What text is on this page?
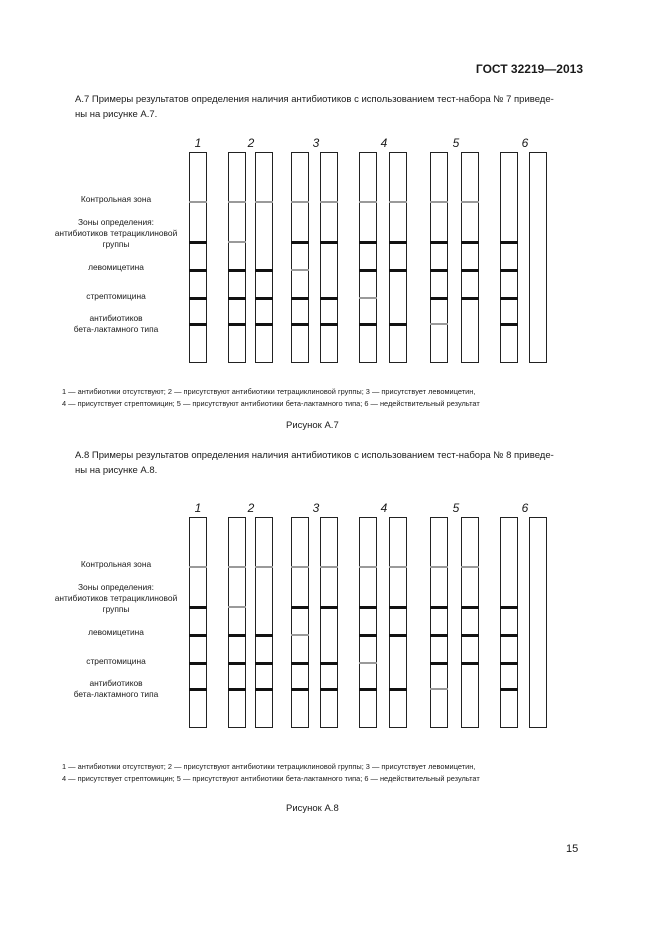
ГОСТ 32219—2013
А.7 Примеры результатов определения наличия антибиотиков с использованием тест-набора № 7 приведе-
ны на рисунке А.7.
1	2	3	4	5	6
Контрольная зона
Зоны определения:
антибиотиков тетрациклиновой
группы
левомицетина
стрептомицина
антибиотиков
бета-лактамного типа
1 — антибиотики отсутствуют; 2 — присутствуют антибиотики тетрациклиновой группы; 3 — присутствует левомицетин,
4 — присутствует стрептомицин; 5 — присутствуют антибиотики бета-лактамного типа; 6 — недействительный результат
Рисунок А.7
А.8 Примеры результатов определения наличия антибиотиков с использованием тест-набора № 8 приведе-
ны на рисунке А.8.
1	2	3	4	5	6
Контрольная зона
Зоны определения:
антибиотиков тетрациклиновой
группы
левомицетина
стрептомицина
антибиотиков
бета-лактамного типа
1 — антибиотики отсутствуют; 2 — присутствуют антибиотики тетрациклиновой группы; 3 — присутствует левомицетин,
4 — присутствует стрептомицин; 5 — присутствуют антибиотики бета-лактамного типа; 6 — недействительный результат
Рисунок А.8
15
